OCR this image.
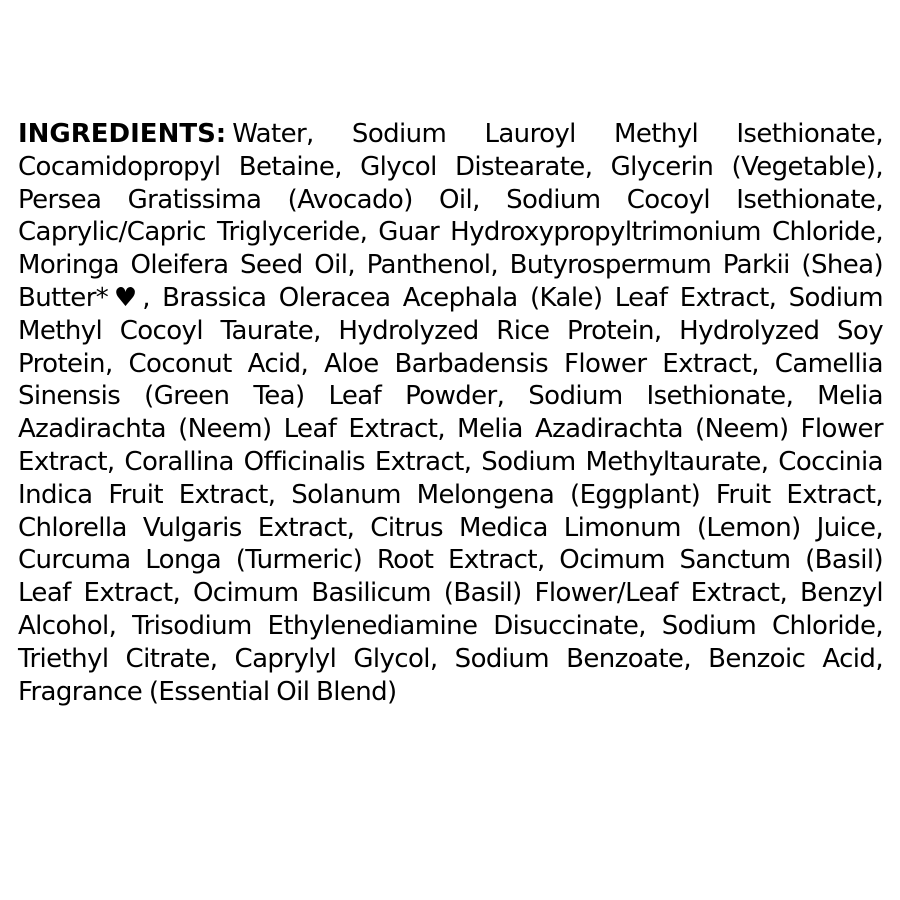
INGREDIENTS: Water, Sodium Lauroyl Methyl Isethionate, Cocamidopropyl Betaine, Glycol Distearate, Glycerin (Vegetable), Persea Gratissima (Avocado) Oil, Sodium Cocoyl Isethionate, Caprylic/Capric Triglyceride, Guar Hydroxypropyltrimonium Chloride, Moringa Oleifera Seed Oil, Panthenol, Butyrospermum Parkii (Shea) Butter*♥, Brassica Oleracea Acephala (Kale) Leaf Extract, Sodium Methyl Cocoyl Taurate, Hydrolyzed Rice Protein, Hydrolyzed Soy Protein, Coconut Acid, Aloe Barbadensis Flower Extract, Camellia Sinensis (Green Tea) Leaf Powder, Sodium Isethionate, Melia Azadirachta (Neem) Leaf Extract, Melia Azadirachta (Neem) Flower Extract, Corallina Officinalis Extract, Sodium Methyltaurate, Coccinia Indica Fruit Extract, Solanum Melongena (Eggplant) Fruit Extract, Chlorella Vulgaris Extract, Citrus Medica Limonum (Lemon) Juice, Curcuma Longa (Turmeric) Root Extract, Ocimum Sanctum (Basil) Leaf Extract, Ocimum Basilicum (Basil) Flower/Leaf Extract, Benzyl Alcohol, Trisodium Ethylenediamine Disuccinate, Sodium Chloride, Triethyl Citrate, Caprylyl Glycol, Sodium Benzoate, Benzoic Acid, Fragrance (Essential Oil Blend)
